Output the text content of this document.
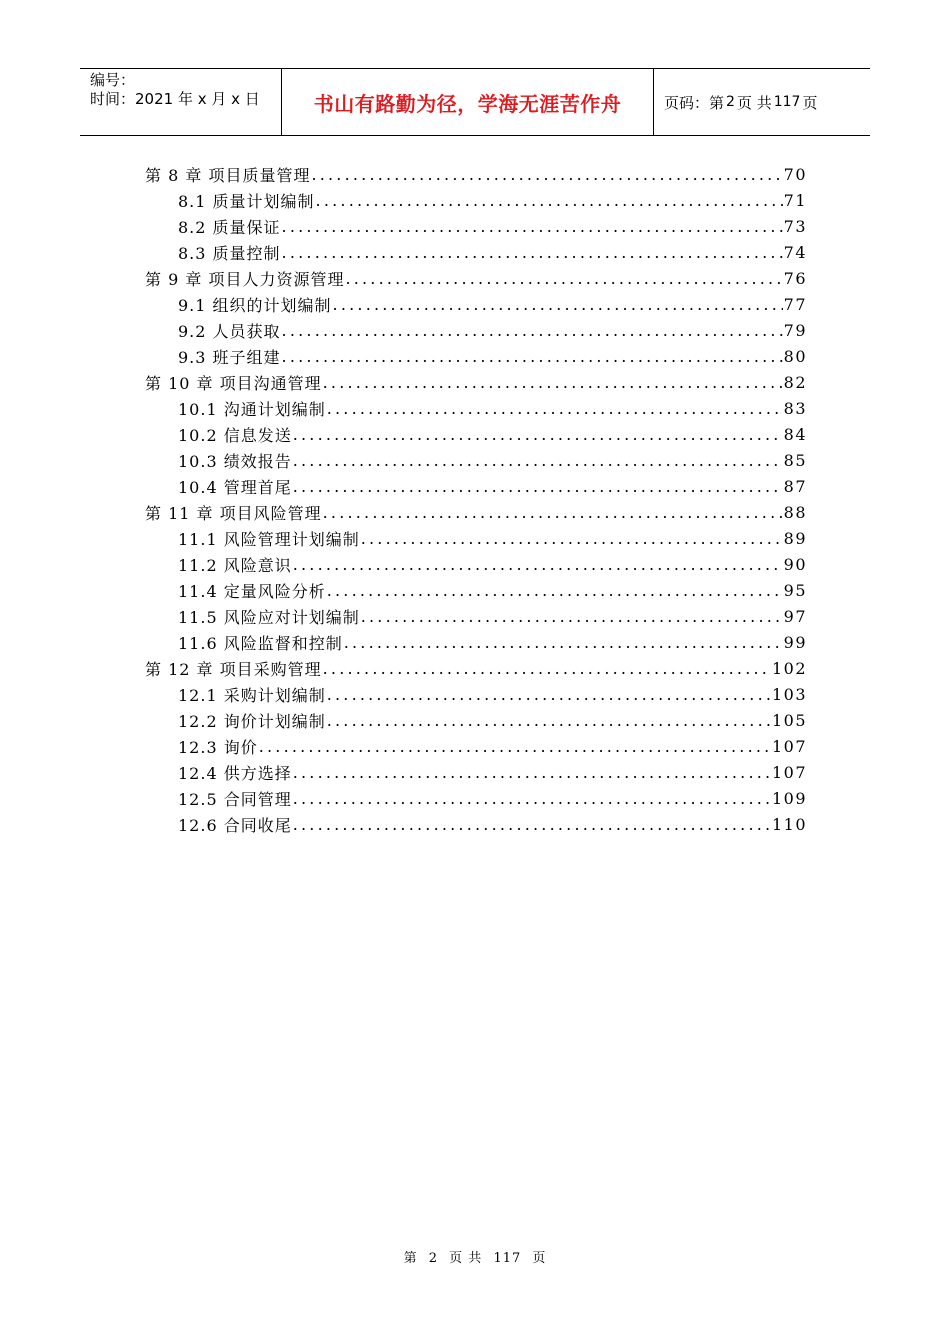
编号：
时间：2021 年 x 月 x 日	书山有路勤为径，学海无涯苦作舟	页码：第 2 页 共 117 页
第 8 章 项目质量管理 .....	70
8.1 质量计划编制 .....	71
8.2 质量保证 .....	73
8.3 质量控制 .....	74
第 9 章 项目人力资源管理 .....	76
9.1 组织的计划编制 .....	77
9.2 人员获取 .....	79
9.3 班子组建 .....	80
第 10 章 项目沟通管理 .....	82
10.1 沟通计划编制 .....	83
10.2 信息发送 .....	84
10.3 绩效报告 .....	85
10.4 管理首尾 .....	87
第 11 章 项目风险管理 .....	88
11.1 风险管理计划编制 .....	89
11.2 风险意识 .....	90
11.4 定量风险分析 .....	95
11.5 风险应对计划编制 .....	97
11.6 风险监督和控制 .....	99
第 12 章 项目采购管理 .....	102
12.1 采购计划编制 .....	103
12.2 询价计划编制 .....	105
12.3 询价 .....	107
12.4 供方选择 .....	107
12.5 合同管理 .....	109
12.6 合同收尾 .....	110
第 2 页 共 117 页
